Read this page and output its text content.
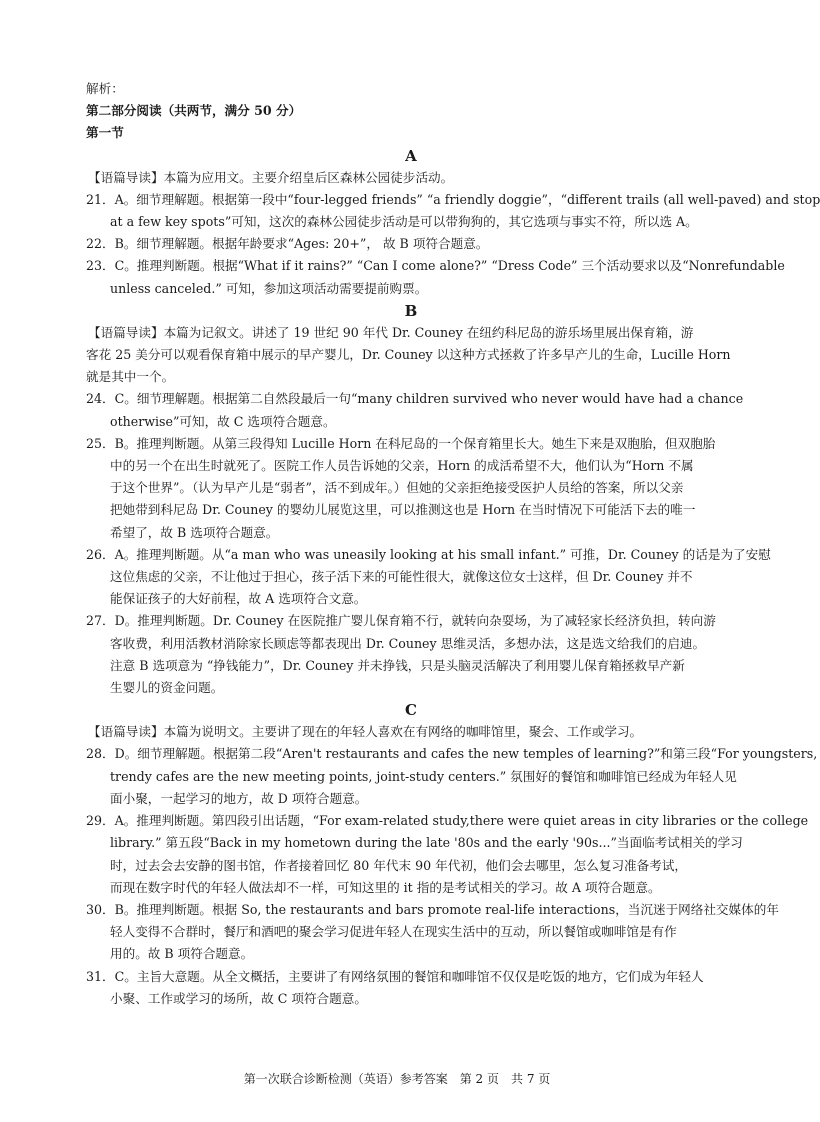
解析：
第二部分阅读（共两节，满分 50 分）
第一节
A
【语篇导读】本篇为应用文。主要介绍皇后区森林公园徒步活动。
21．A。细节理解题。根据第一段中“four-legged friends” “a friendly doggie”，“different trails (all well-paved) and stop
at a few key spots”可知，这次的森林公园徒步活动是可以带狗狗的，其它选项与事实不符，所以选 A。
22．B。细节理解题。根据年龄要求“Ages: 20+”， 故 B 项符合题意。
23．C。推理判断题。根据“What if it rains?” “Can I come alone?” “Dress Code” 三个活动要求以及“Nonrefundable
unless canceled.” 可知，参加这项活动需要提前购票。
B
【语篇导读】本篇为记叙文。讲述了 19 世纪 90 年代 Dr. Couney 在纽约科尼岛的游乐场里展出保育箱，游
客花 25 美分可以观看保育箱中展示的早产婴儿，Dr. Couney 以这种方式拯救了许多早产儿的生命，Lucille Horn
就是其中一个。
24．C。细节理解题。根据第二自然段最后一句“many children survived who never would have had a chance
otherwise”可知，故 C 选项符合题意。
25．B。推理判断题。从第三段得知 Lucille Horn 在科尼岛的一个保育箱里长大。她生下来是双胞胎，但双胞胎
中的另一个在出生时就死了。医院工作人员告诉她的父亲，Horn 的成活希望不大，他们认为“Horn 不属
于这个世界”。（认为早产儿是“弱者”，活不到成年。）但她的父亲拒绝接受医护人员给的答案，所以父亲
把她带到科尼岛 Dr. Couney 的婴幼儿展览这里，可以推测这也是 Horn 在当时情况下可能活下去的唯一
希望了，故 B 选项符合题意。
26．A。推理判断题。从“a man who was uneasily looking at his small infant.” 可推，Dr. Couney 的话是为了安慰
这位焦虑的父亲，不让他过于担心，孩子活下来的可能性很大，就像这位女士这样，但 Dr. Couney 并不
能保证孩子的大好前程，故 A 选项符合文意。
27．D。推理判断题。Dr. Couney 在医院推广婴儿保育箱不行，就转向杂耍场，为了减轻家长经济负担，转向游
客收费，利用活教材消除家长顾虑等都表现出 Dr. Couney 思维灵活，多想办法，这是选文给我们的启迪。
注意 B 选项意为 “挣钱能力”，Dr. Couney 并未挣钱，只是头脑灵活解决了利用婴儿保育箱拯救早产新
生婴儿的资金问题。
C
【语篇导读】本篇为说明文。主要讲了现在的年轻人喜欢在有网络的咖啡馆里，聚会、工作或学习。
28．D。细节理解题。根据第二段“Aren't restaurants and cafes the new temples of learning?”和第三段“For youngsters,
trendy cafes are the new meeting points, joint-study centers.” 氛围好的餐馆和咖啡馆已经成为年轻人见
面小聚，一起学习的地方，故 D 项符合题意。
29．A。推理判断题。第四段引出话题，“For exam-related study,there were quiet areas in city libraries or the college
library.” 第五段“Back in my hometown during the late '80s and the early '90s...”当面临考试相关的学习
时，过去会去安静的图书馆，作者接着回忆 80 年代末 90 年代初，他们会去哪里，怎么复习准备考试，
而现在数字时代的年轻人做法却不一样，可知这里的 it 指的是考试相关的学习。故 A 项符合题意。
30．B。推理判断题。根据 So, the restaurants and bars promote real-life interactions，当沉迷于网络社交媒体的年
轻人变得不合群时，餐厅和酒吧的聚会学习促进年轻人在现实生活中的互动，所以餐馆或咖啡馆是有作
用的。故 B 项符合题意。
31．C。主旨大意题。从全文概括，主要讲了有网络氛围的餐馆和咖啡馆不仅仅是吃饭的地方，它们成为年轻人
小聚、工作或学习的场所，故 C 项符合题意。
第一次联合诊断检测（英语）参考答案　第 2 页　共 7 页
